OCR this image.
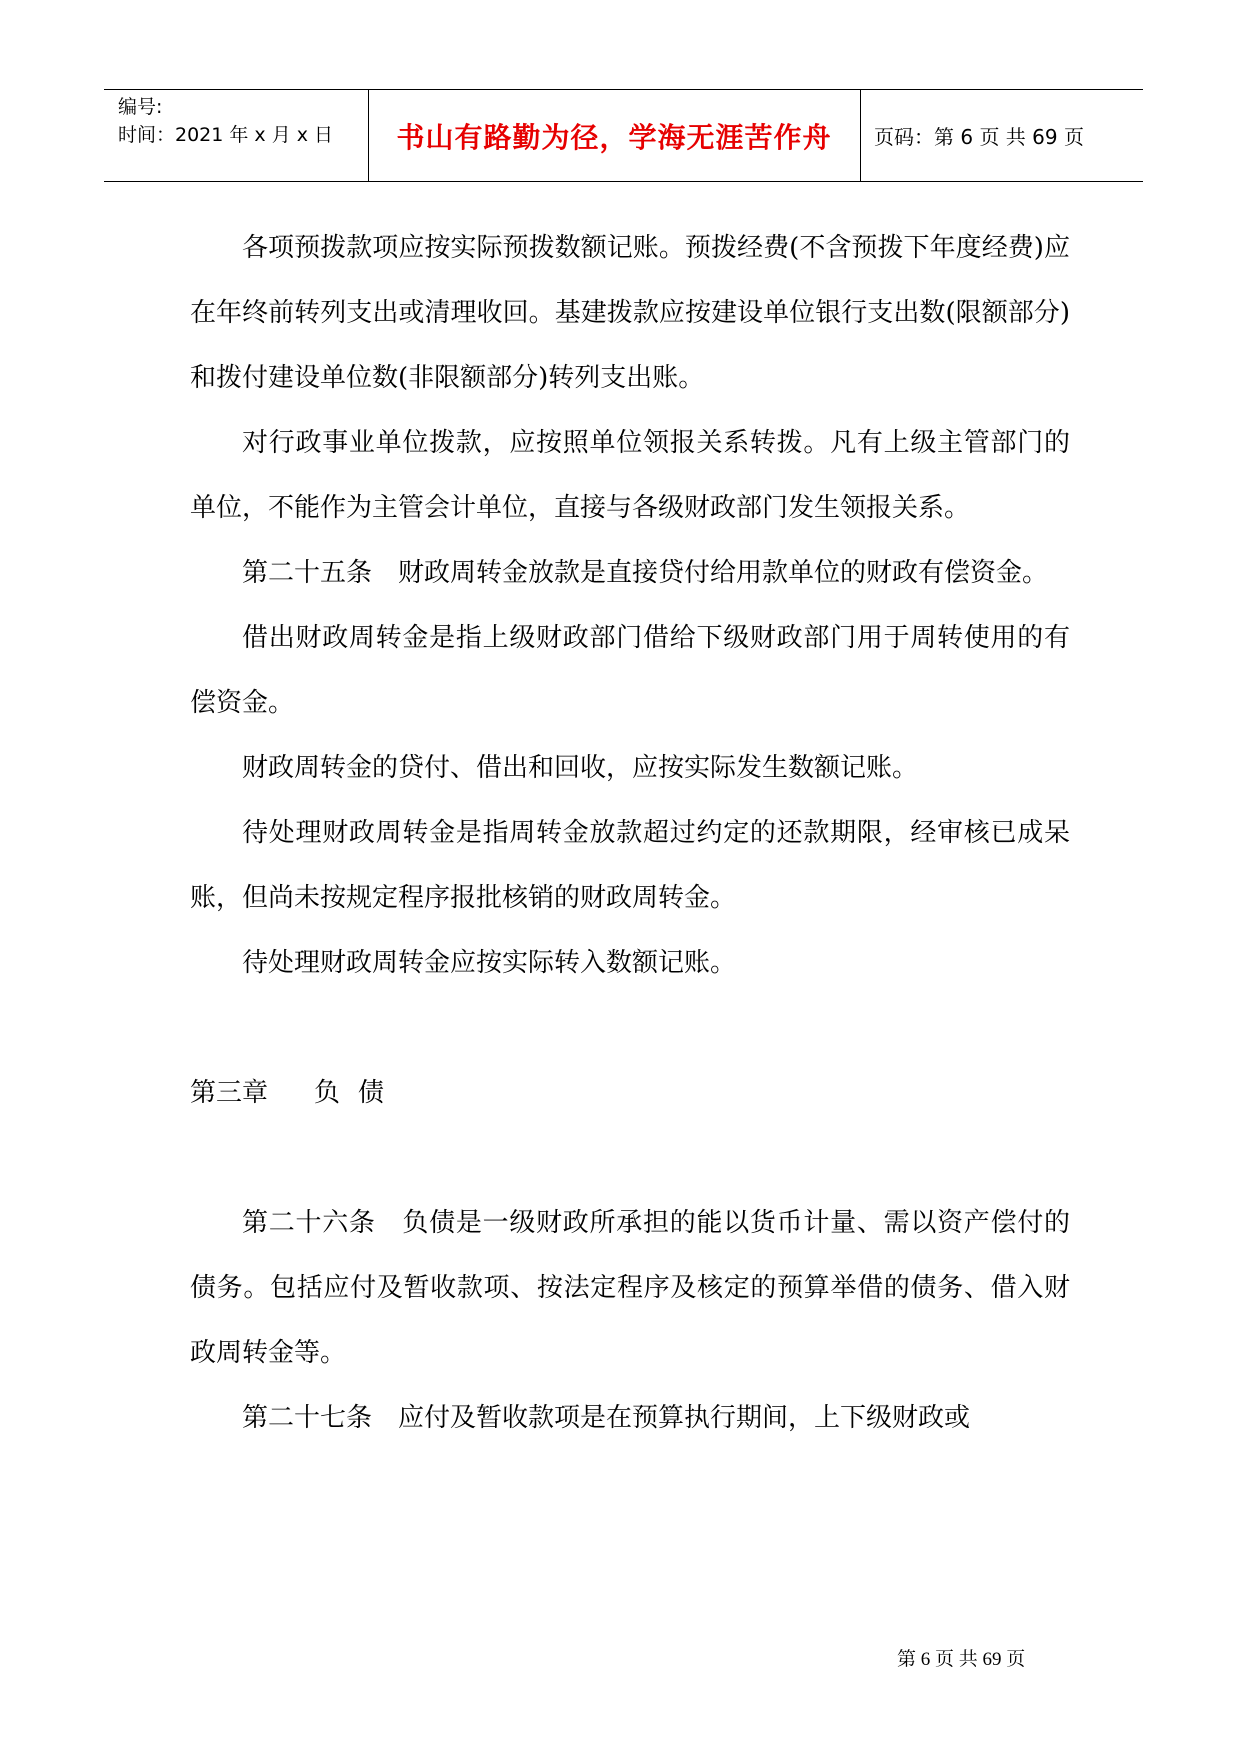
编号:
时间：2021 年 x 月 x 日	书山有路勤为径，学海无涯苦作舟	页码：第 6 页 共 69 页

各项预拨款项应按实际预拨数额记账。预拨经费(不含预拨下年度经费)应在年终前转列支出或清理收回。基建拨款应按建设单位银行支出数(限额部分)和拨付建设单位数(非限额部分)转列支出账。

对行政事业单位拨款，应按照单位领报关系转拨。凡有上级主管部门的单位，不能作为主管会计单位，直接与各级财政部门发生领报关系。

第二十五条　财政周转金放款是直接贷付给用款单位的财政有偿资金。

借出财政周转金是指上级财政部门借给下级财政部门用于周转使用的有偿资金。

财政周转金的贷付、借出和回收，应按实际发生数额记账。

待处理财政周转金是指周转金放款超过约定的还款期限，经审核已成呆账，但尚未按规定程序报批核销的财政周转金。

待处理财政周转金应按实际转入数额记账。

第三章 负 债

第二十六条　负债是一级财政所承担的能以货币计量、需以资产偿付的债务。包括应付及暂收款项、按法定程序及核定的预算举借的债务、借入财政周转金等。

第二十七条　应付及暂收款项是在预算执行期间，上下级财政或

第 6 页 共 69 页
